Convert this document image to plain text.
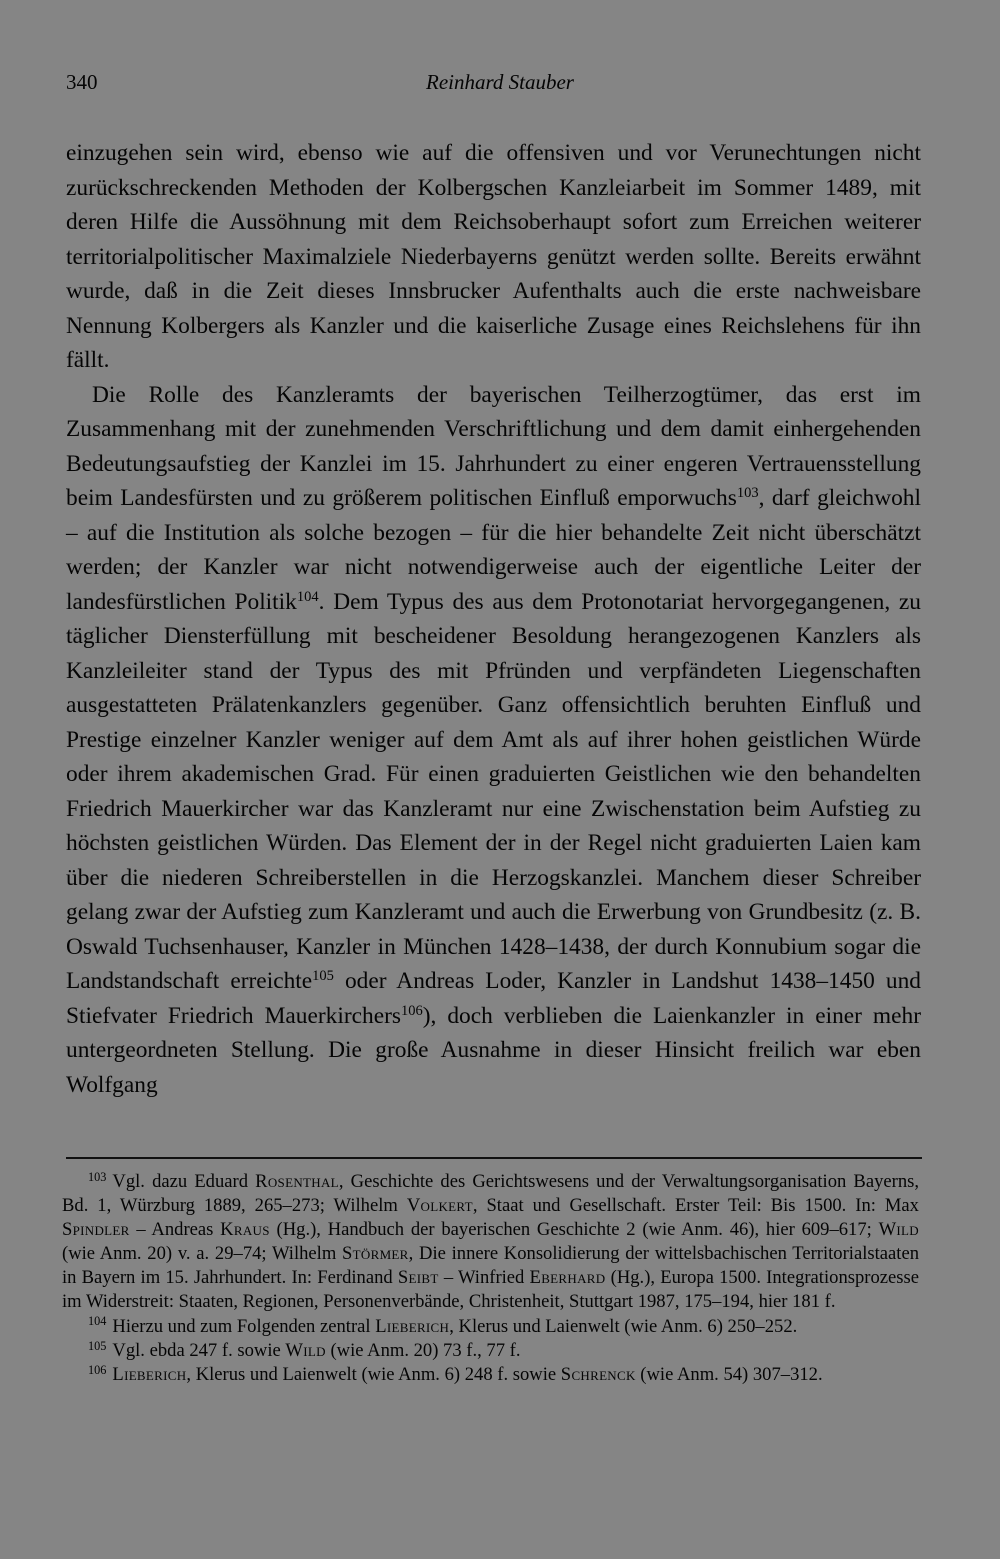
340	Reinhard Stauber

einzugehen sein wird, ebenso wie auf die offensiven und vor Verunechtungen nicht zurückschreckenden Methoden der Kolbergschen Kanzleiarbeit im Sommer 1489, mit deren Hilfe die Aussöhnung mit dem Reichsoberhaupt sofort zum Erreichen weiterer territorialpolitischer Maximalziele Niederbayerns genützt werden sollte. Bereits erwähnt wurde, daß in die Zeit dieses Innsbrucker Aufenthalts auch die erste nachweisbare Nennung Kolbergers als Kanzler und die kaiserliche Zusage eines Reichslehens für ihn fällt.

Die Rolle des Kanzleramts der bayerischen Teilherzogtümer, das erst im Zusammenhang mit der zunehmenden Verschriftlichung und dem damit einhergehenden Bedeutungsaufstieg der Kanzlei im 15. Jahrhundert zu einer engeren Vertrauensstellung beim Landesfürsten und zu größerem politischen Einfluß emporwuchs$^{103}$, darf gleichwohl – auf die Institution als solche bezogen – für die hier behandelte Zeit nicht überschätzt werden; der Kanzler war nicht notwendigerweise auch der eigentliche Leiter der landesfürstlichen Politik$^{104}$. Dem Typus des aus dem Protonotariat hervorgegangenen, zu täglicher Diensterfüllung mit bescheidener Besoldung herangezogenen Kanzlers als Kanzleileiter stand der Typus des mit Pfründen und verpfändeten Liegenschaften ausgestatteten Prälatenkanzlers gegenüber. Ganz offensichtlich beruhten Einfluß und Prestige einzelner Kanzler weniger auf dem Amt als auf ihrer hohen geistlichen Würde oder ihrem akademischen Grad. Für einen graduierten Geistlichen wie den behandelten Friedrich Mauerkircher war das Kanzleramt nur eine Zwischenstation beim Aufstieg zu höchsten geistlichen Würden. Das Element der in der Regel nicht graduierten Laien kam über die niederen Schreiberstellen in die Herzogskanzlei. Manchem dieser Schreiber gelang zwar der Aufstieg zum Kanzleramt und auch die Erwerbung von Grundbesitz (z. B. Oswald Tuchsenhauser, Kanzler in München 1428–1438, der durch Konnubium sogar die Landstandschaft erreichte$^{105}$ oder Andreas Loder, Kanzler in Landshut 1438–1450 und Stiefvater Friedrich Mauerkirchers$^{106}$), doch verblieben die Laienkanzler in einer mehr untergeordneten Stellung. Die große Ausnahme in dieser Hinsicht freilich war eben Wolfgang

$^{103}$ Vgl. dazu Eduard Rosenthal, Geschichte des Gerichtswesens und der Verwaltungsorganisation Bayerns, Bd. 1, Würzburg 1889, 265–273; Wilhelm Volkert, Staat und Gesellschaft. Erster Teil: Bis 1500. In: Max Spindler – Andreas Kraus (Hg.), Handbuch der bayerischen Geschichte 2 (wie Anm. 46), hier 609–617; Wild (wie Anm. 20) v. a. 29–74; Wilhelm Störmer, Die innere Konsolidierung der wittelsbachischen Territorialstaaten in Bayern im 15. Jahrhundert. In: Ferdinand Seibt – Winfried Eberhard (Hg.), Europa 1500. Integrationsprozesse im Widerstreit: Staaten, Regionen, Personenverbände, Christenheit, Stuttgart 1987, 175–194, hier 181 f.

$^{104}$ Hierzu und zum Folgenden zentral Lieberich, Klerus und Laienwelt (wie Anm. 6) 250–252.

$^{105}$ Vgl. ebda 247 f. sowie Wild (wie Anm. 20) 73 f., 77 f.

$^{106}$ Lieberich, Klerus und Laienwelt (wie Anm. 6) 248 f. sowie Schrenck (wie Anm. 54) 307–312.
